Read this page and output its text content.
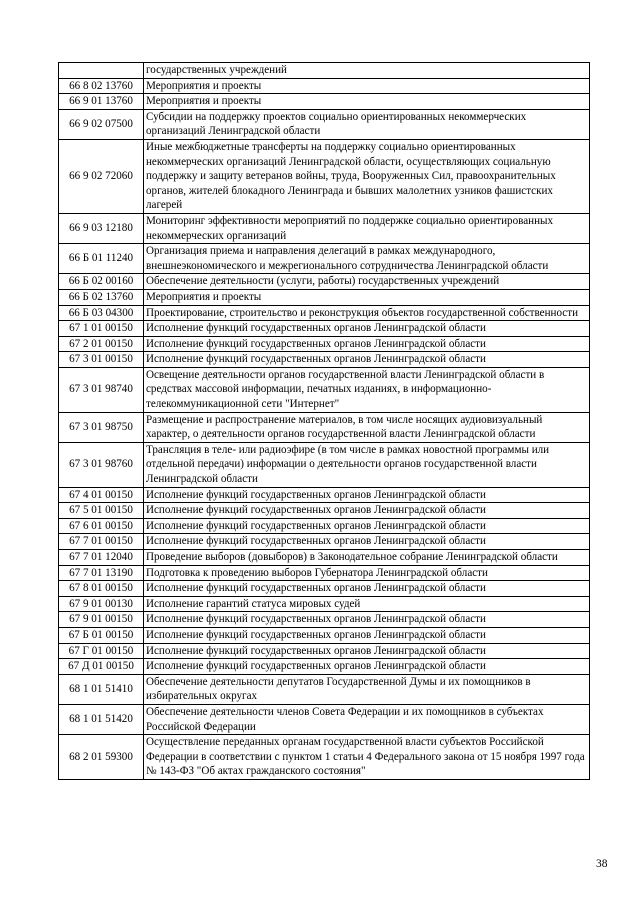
	государственных учреждений
66 8 02 13760	Мероприятия и проекты
66 9 01 13760	Мероприятия и проекты
66 9 02 07500	Субсидии на поддержку проектов социально ориентированных некоммерческих организаций Ленинградской области
66 9 02 72060	Иные межбюджетные трансферты на поддержку социально ориентированных некоммерческих организаций Ленинградской области, осуществляющих социальную поддержку и защиту ветеранов войны, труда, Вооруженных Сил, правоохранительных органов, жителей блокадного Ленинграда и бывших малолетних узников фашистских лагерей
66 9 03 12180	Мониторинг эффективности мероприятий по поддержке социально ориентированных некоммерческих организаций
66 Б 01 11240	Организация приема и направления делегаций в рамках международного, внешнеэкономического и межрегионального сотрудничества Ленинградской области
66 Б 02 00160	Обеспечение деятельности (услуги, работы) государственных учреждений
66 Б 02 13760	Мероприятия и проекты
66 Б 03 04300	Проектирование, строительство и реконструкция объектов государственной собственности
67 1 01 00150	Исполнение функций государственных органов Ленинградской области
67 2 01 00150	Исполнение функций государственных органов Ленинградской области
67 3 01 00150	Исполнение функций государственных органов Ленинградской области
67 3 01 98740	Освещение деятельности органов государственной власти Ленинградской области в средствах массовой информации, печатных изданиях, в информационно-телекоммуникационной сети "Интернет"
67 3 01 98750	Размещение и распространение материалов, в том числе носящих аудиовизуальный характер, о деятельности органов государственной власти Ленинградской области
67 3 01 98760	Трансляция в теле- или радиоэфире (в том числе в рамках новостной программы или отдельной передачи) информации о деятельности органов государственной власти Ленинградской области
67 4 01 00150	Исполнение функций государственных органов Ленинградской области
67 5 01 00150	Исполнение функций государственных органов Ленинградской области
67 6 01 00150	Исполнение функций государственных органов Ленинградской области
67 7 01 00150	Исполнение функций государственных органов Ленинградской области
67 7 01 12040	Проведение выборов (довыборов) в Законодательное собрание Ленинградской области
67 7 01 13190	Подготовка к проведению выборов Губернатора Ленинградской области
67 8 01 00150	Исполнение функций государственных органов Ленинградской области
67 9 01 00130	Исполнение гарантий статуса мировых судей
67 9 01 00150	Исполнение функций государственных органов Ленинградской области
67 Б 01 00150	Исполнение функций государственных органов Ленинградской области
67 Г 01 00150	Исполнение функций государственных органов Ленинградской области
67 Д 01 00150	Исполнение функций государственных органов Ленинградской области
68 1 01 51410	Обеспечение деятельности депутатов Государственной Думы и их помощников в избирательных округах
68 1 01 51420	Обеспечение деятельности членов Совета Федерации и их помощников в субъектах Российской Федерации
68 2 01 59300	Осуществление переданных органам государственной власти субъектов Российской Федерации в соответствии с пунктом 1 статьи 4 Федерального закона от 15 ноября 1997 года № 143-ФЗ "Об актах гражданского состояния"
38
